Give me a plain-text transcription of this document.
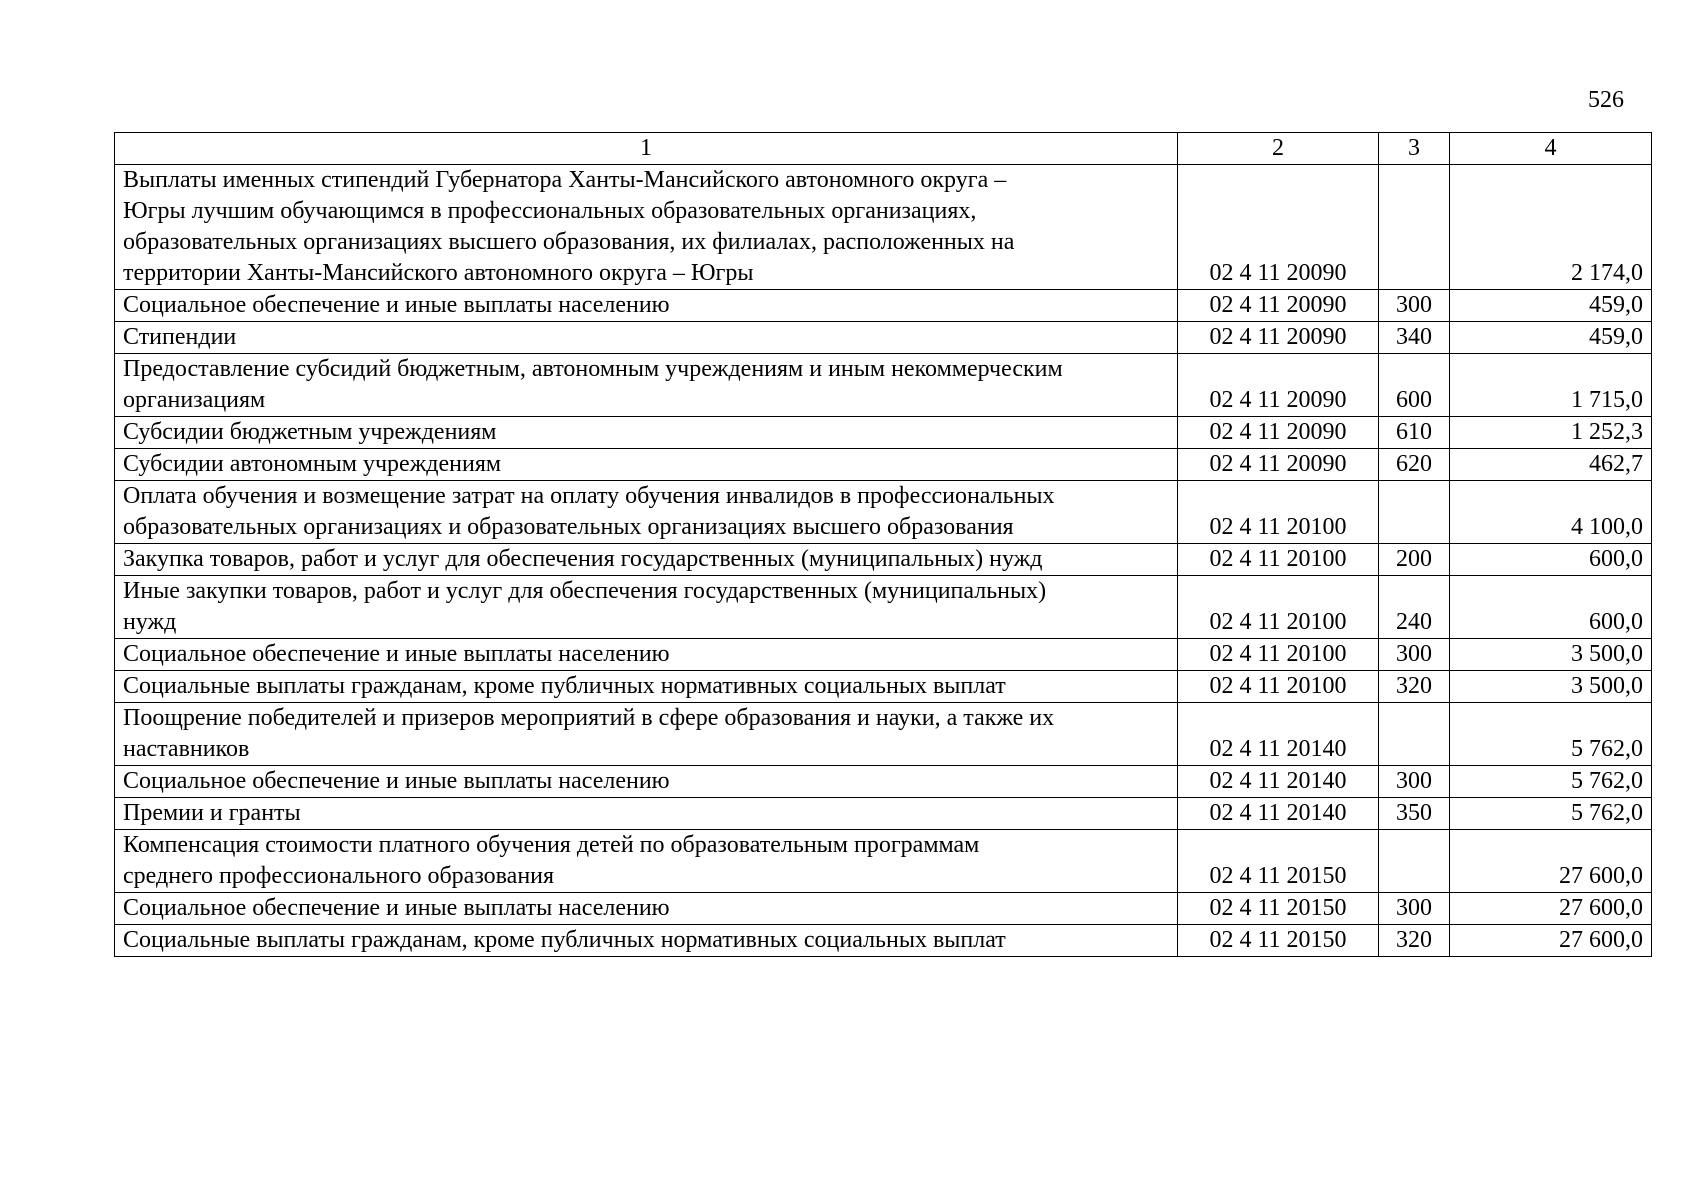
526
1	2	3	4

Выплаты именных стипендий Губернатора Ханты-Мансийского автономного округа –
Югры лучшим обучающимся в профессиональных образовательных организациях,
образовательных организациях высшего образования, их филиалах, расположенных на
территории Ханты-Мансийского автономного округа – Югры	02 4 11 20090		2 174,0

Социальное обеспечение и иные выплаты населению	02 4 11 20090	300	459,0

Стипендии	02 4 11 20090	340	459,0

Предоставление субсидий бюджетным, автономным учреждениям и иным некоммерческим
организациям	02 4 11 20090	600	1 715,0

Субсидии бюджетным учреждениям	02 4 11 20090	610	1 252,3

Субсидии автономным учреждениям	02 4 11 20090	620	462,7

Оплата обучения и возмещение затрат на оплату обучения инвалидов в профессиональных
образовательных организациях и образовательных организациях высшего образования	02 4 11 20100		4 100,0

Закупка товаров, работ и услуг для обеспечения государственных (муниципальных) нужд	02 4 11 20100	200	600,0

Иные закупки товаров, работ и услуг для обеспечения государственных (муниципальных)
нужд	02 4 11 20100	240	600,0

Социальное обеспечение и иные выплаты населению	02 4 11 20100	300	3 500,0

Социальные выплаты гражданам, кроме публичных нормативных социальных выплат	02 4 11 20100	320	3 500,0

Поощрение победителей и призеров мероприятий в сфере образования и науки, а также их
наставников	02 4 11 20140		5 762,0

Социальное обеспечение и иные выплаты населению	02 4 11 20140	300	5 762,0

Премии и гранты	02 4 11 20140	350	5 762,0

Компенсация стоимости платного обучения детей по образовательным программам
среднего профессионального образования	02 4 11 20150		27 600,0

Социальное обеспечение и иные выплаты населению	02 4 11 20150	300	27 600,0

Социальные выплаты гражданам, кроме публичных нормативных социальных выплат	02 4 11 20150	320	27 600,0
